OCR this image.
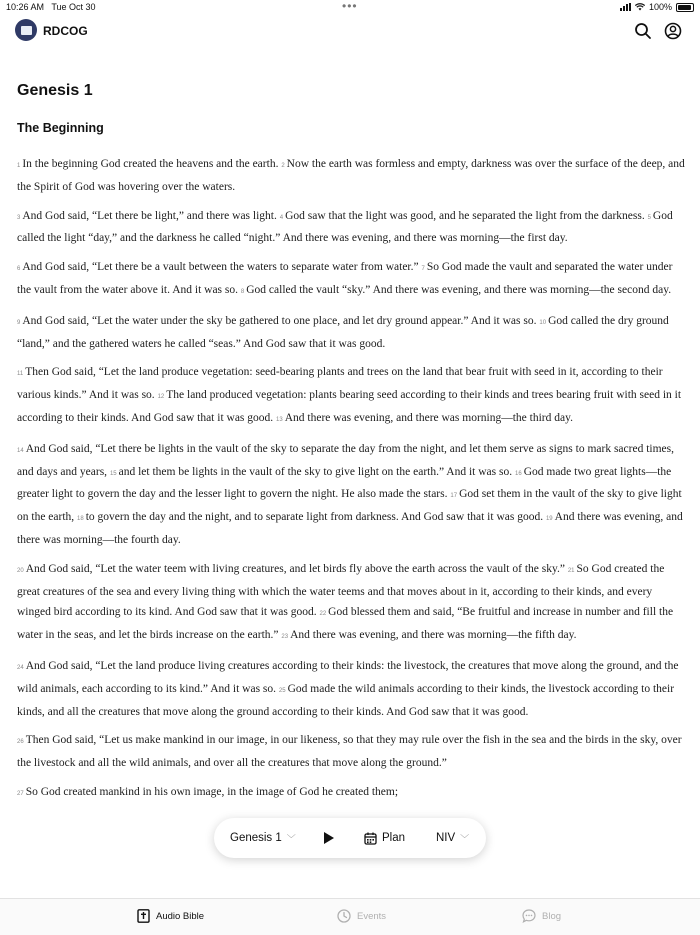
10:26 AM Tue Oct 30	•••	100%
RDCOG
Genesis 1
The Beginning

1 In the beginning God created the heavens and the earth. 2 Now the earth was formless and empty, darkness was over the surface of the deep, and the Spirit of God was hovering over the waters.

3 And God said, “Let there be light,” and there was light. 4 God saw that the light was good, and he separated the light from the darkness. 5 God called the light “day,” and the darkness he called “night.” And there was evening, and there was morning—the first day.

6 And God said, “Let there be a vault between the waters to separate water from water.” 7 So God made the vault and separated the water under the vault from the water above it. And it was so. 8 God called the vault “sky.” And there was evening, and there was morning—the second day.

9 And God said, “Let the water under the sky be gathered to one place, and let dry ground appear.” And it was so. 10 God called the dry ground “land,” and the gathered waters he called “seas.” And God saw that it was good.

11 Then God said, “Let the land produce vegetation: seed-bearing plants and trees on the land that bear fruit with seed in it, according to their various kinds.” And it was so. 12 The land produced vegetation: plants bearing seed according to their kinds and trees bearing fruit with seed in it according to their kinds. And God saw that it was good. 13 And there was evening, and there was morning—the third day.

14 And God said, “Let there be lights in the vault of the sky to separate the day from the night, and let them serve as signs to mark sacred times, and days and years, 15 and let them be lights in the vault of the sky to give light on the earth.” And it was so. 16 God made two great lights—the greater light to govern the day and the lesser light to govern the night. He also made the stars. 17 God set them in the vault of the sky to give light on the earth, 18 to govern the day and the night, and to separate light from darkness. And God saw that it was good. 19 And there was evening, and there was morning—the fourth day.

20 And God said, “Let the water teem with living creatures, and let birds fly above the earth across the vault of the sky.” 21 So God created the great creatures of the sea and every living thing with which the water teems and that moves about in it, according to their kinds, and every winged bird according to its kind. And God saw that it was good. 22 God blessed them and said, “Be fruitful and increase in number and fill the water in the seas, and let the birds increase on the earth.” 23 And there was evening, and there was morning—the fifth day.

24 And God said, “Let the land produce living creatures according to their kinds: the livestock, the creatures that move along the ground, and the wild animals, each according to its kind.” And it was so. 25 God made the wild animals according to their kinds, the livestock according to their kinds, and all the creatures that move along the ground according to their kinds. And God saw that it was good.

26 Then God said, “Let us make mankind in our image, in our likeness, so that they may rule over the fish in the sea and the birds in the sky, over the livestock and all the wild animals, and over all the creatures that move along the ground.”

27 So God created mankind in his own image, in the image of God he created them;

Genesis 1 ﹀	Plan	NIV ﹀
Audio Bible	Events	Blog
